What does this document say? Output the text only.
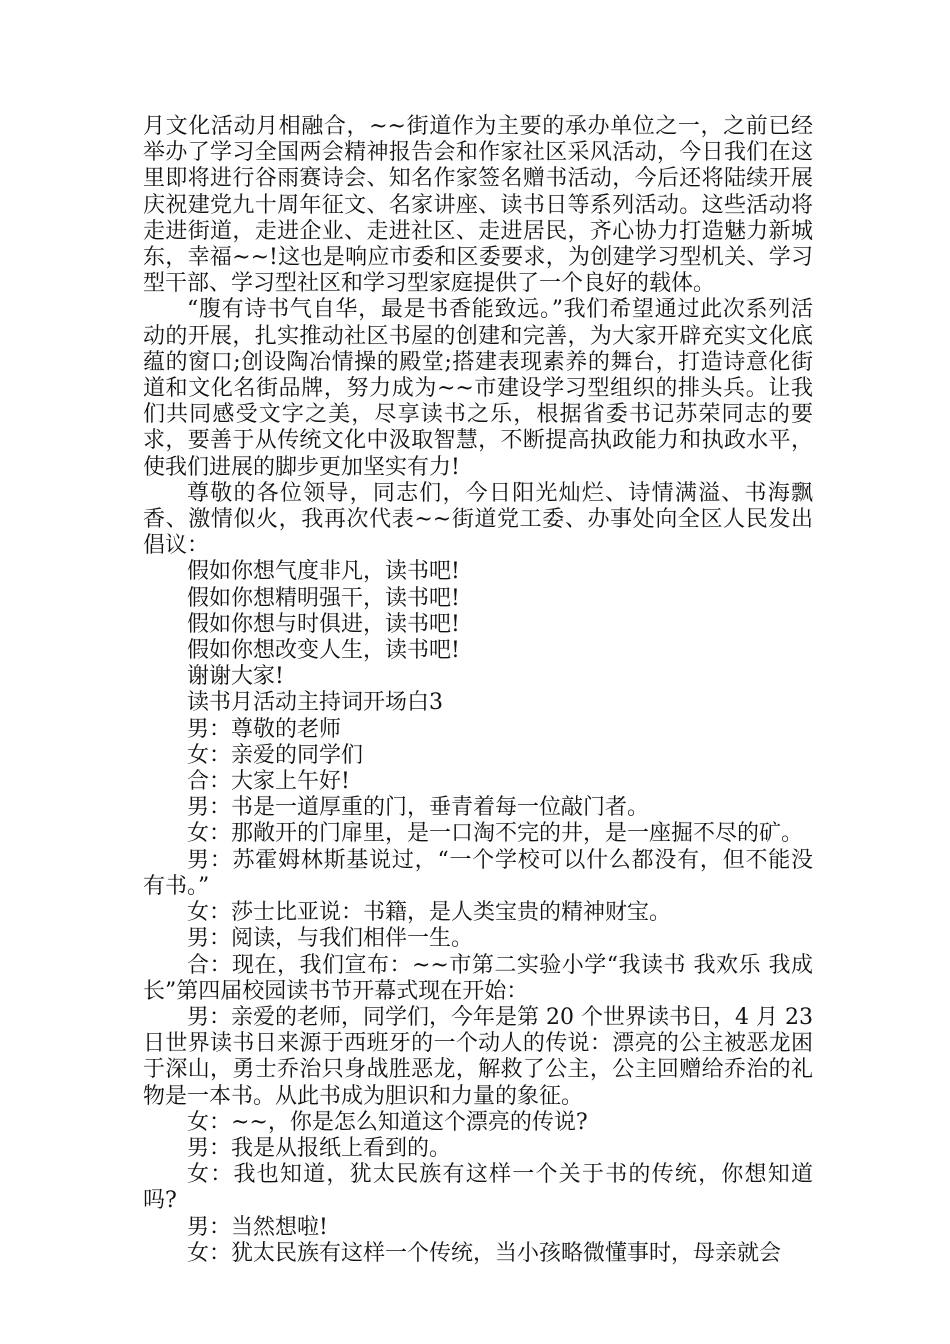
月文化活动月相融合，~~街道作为主要的承办单位之一，之前已经举办了学习全国两会精神报告会和作家社区采风活动，今日我们在这里即将进行谷雨赛诗会、知名作家签名赠书活动，今后还将陆续开展庆祝建党九十周年征文、名家讲座、读书日等系列活动。这些活动将走进街道，走进企业、走进社区、走进居民，齐心协力打造魅力新城东，幸福~~!这也是响应市委和区委要求，为创建学习型机关、学习型干部、学习型社区和学习型家庭提供了一个良好的载体。

“腹有诗书气自华，最是书香能致远。”我们希望通过此次系列活动的开展，扎实推动社区书屋的创建和完善，为大家开辟充实文化底蕴的窗口;创设陶冶情操的殿堂;搭建表现素养的舞台，打造诗意化街道和文化名街品牌，努力成为~~市建设学习型组织的排头兵。让我们共同感受文字之美，尽享读书之乐，根据省委书记苏荣同志的要求，要善于从传统文化中汲取智慧，不断提高执政能力和执政水平，使我们进展的脚步更加坚实有力!

尊敬的各位领导，同志们，今日阳光灿烂、诗情满溢、书海飘香、激情似火，我再次代表~~街道党工委、办事处向全区人民发出倡议：

假如你想气度非凡，读书吧!

假如你想精明强干，读书吧!

假如你想与时俱进，读书吧!

假如你想改变人生，读书吧!

谢谢大家!

读书月活动主持词开场白3

男：尊敬的老师

女：亲爱的同学们

合：大家上午好!

男：书是一道厚重的门，垂青着每一位敲门者。

女：那敞开的门扉里，是一口淘不完的井，是一座掘不尽的矿。

男：苏霍姆林斯基说过，“一个学校可以什么都没有，但不能没有书。”

女：莎士比亚说：书籍，是人类宝贵的精神财宝。

男：阅读，与我们相伴一生。

合：现在，我们宣布：~~市第二实验小学“我读书 我欢乐 我成长”第四届校园读书节开幕式现在开始：

男：亲爱的老师，同学们，今年是第 20 个世界读书日，4 月 23 日世界读书日来源于西班牙的一个动人的传说：漂亮的公主被恶龙困于深山，勇士乔治只身战胜恶龙，解救了公主，公主回赠给乔治的礼物是一本书。从此书成为胆识和力量的象征。

女：~~，你是怎么知道这个漂亮的传说?

男：我是从报纸上看到的。

女：我也知道，犹太民族有这样一个关于书的传统，你想知道吗?

男：当然想啦!

女：犹太民族有这样一个传统，当小孩略微懂事时，母亲就会
